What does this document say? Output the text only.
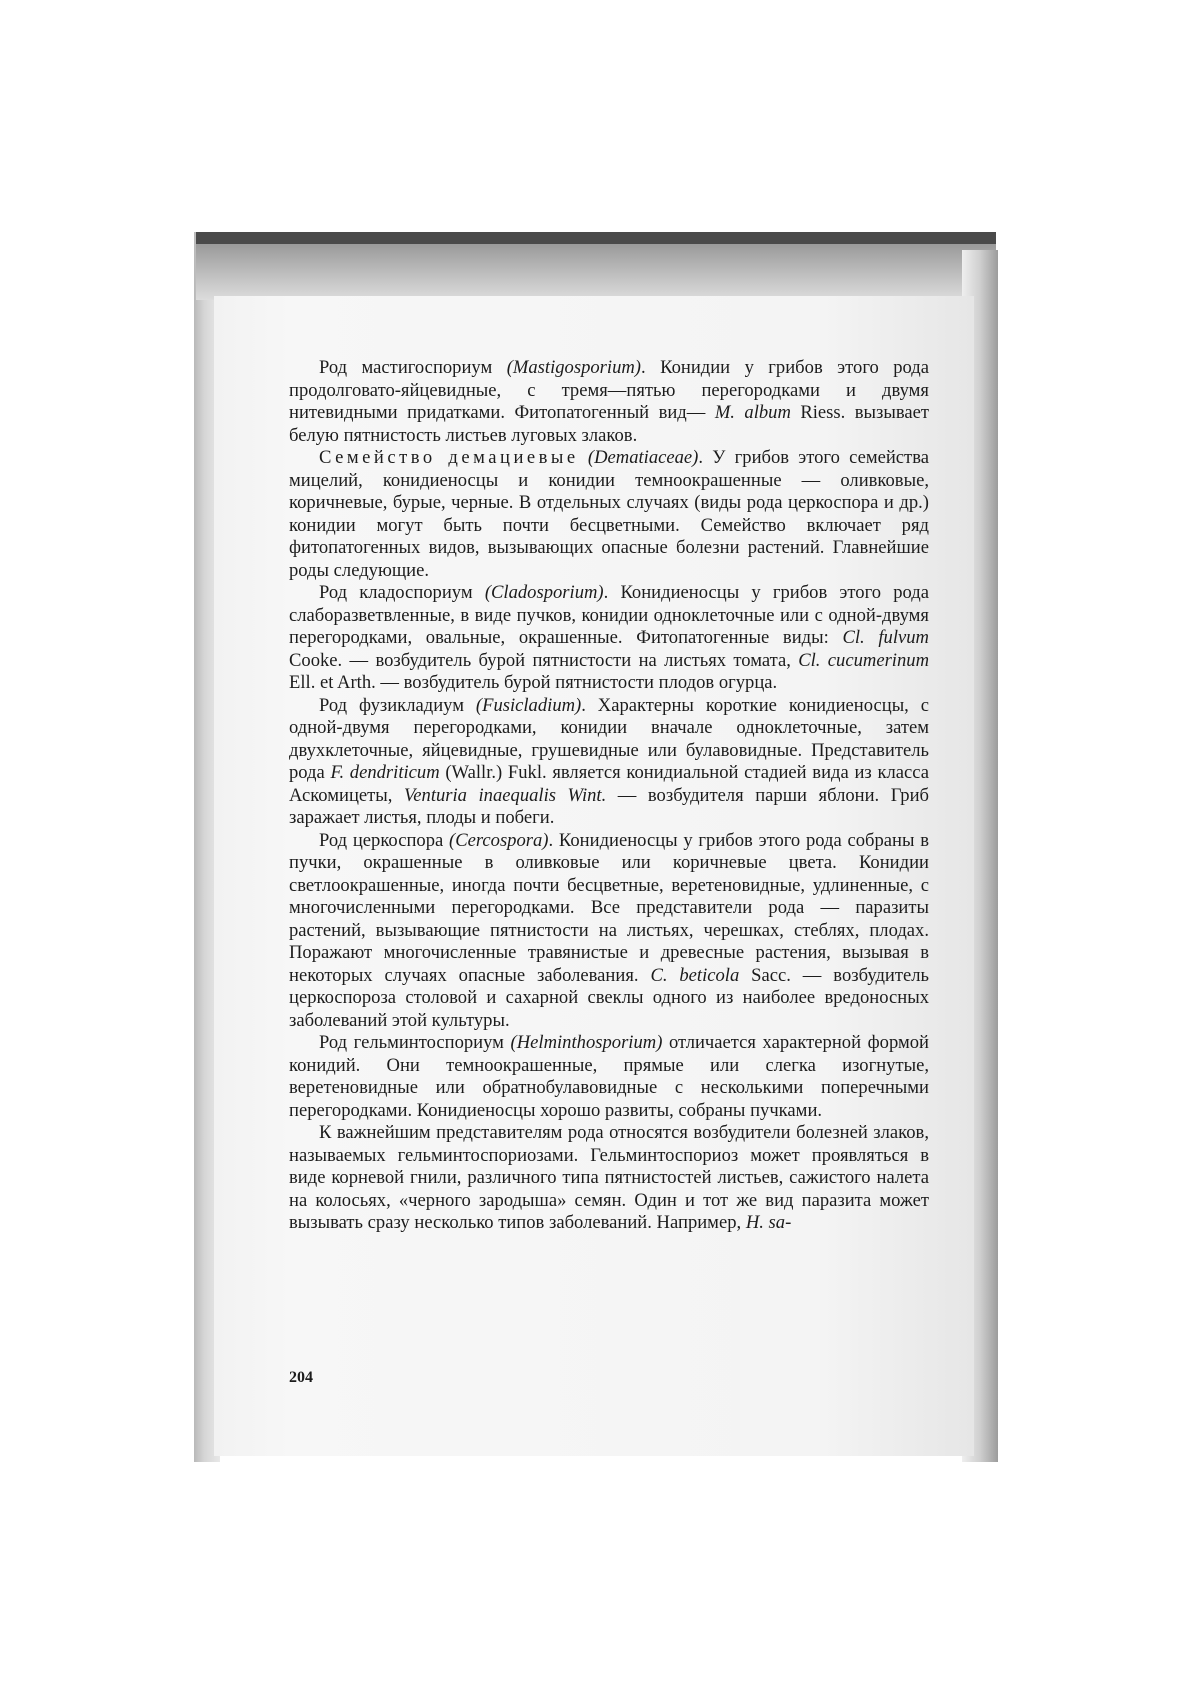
Род мастигоспориум (Mastigosporium). Конидии у грибов этого рода продолговато-яйцевидные, с тремя—пятью перегородками и двумя нитевидными придатками. Фитопатогенный вид— M. album Riess. вызывает белую пятнистость листьев луговых злаков.

Семейство демациевые (Dematiaceae). У грибов этого семейства мицелий, конидиеносцы и конидии темноокрашенные — оливковые, коричневые, бурые, черные. В отдельных случаях (виды рода церкоспора и др.) конидии могут быть почти бесцветными. Семейство включает ряд фитопатогенных видов, вызывающих опасные болезни растений. Главнейшие роды следующие.

Род кладоспориум (Cladosporium). Конидиеносцы у грибов этого рода слаборазветвленные, в виде пучков, конидии одноклеточные или с одной-двумя перегородками, овальные, окрашенные. Фитопатогенные виды: Cl. fulvum Cooke. — возбудитель бурой пятнистости на листьях томата, Cl. cucumerinum Ell. et Arth. — возбудитель бурой пятнистости плодов огурца.

Род фузикладиум (Fusicladium). Характерны короткие конидиеносцы, с одной-двумя перегородками, конидии вначале одноклеточные, затем двухклеточные, яйцевидные, грушевидные или булавовидные. Представитель рода F. dendriticum (Wallr.) Fukl. является конидиальной стадией вида из класса Аскомицеты, Venturia inaequalis Wint. — возбудителя парши яблони. Гриб заражает листья, плоды и побеги.

Род церкоспора (Cercospora). Конидиеносцы у грибов этого рода собраны в пучки, окрашенные в оливковые или коричневые цвета. Конидии светлоокрашенные, иногда почти бесцветные, веретеновидные, удлиненные, с многочисленными перегородками. Все представители рода — паразиты растений, вызывающие пятнистости на листьях, черешках, стеблях, плодах. Поражают многочисленные травянистые и древесные растения, вызывая в некоторых случаях опасные заболевания. C. beticola Sacc. — возбудитель церкоспороза столовой и сахарной свеклы одного из наиболее вредоносных заболеваний этой культуры.

Род гельминтоспориум (Helminthosporium) отличается характерной формой конидий. Они темноокрашенные, прямые или слегка изогнутые, веретеновидные или обратнобулавовидные с несколькими поперечными перегородками. Конидиеносцы хорошо развиты, собраны пучками.

К важнейшим представителям рода относятся возбудители болезней злаков, называемых гельминтоспориозами. Гельминтоспориоз может проявляться в виде корневой гнили, различного типа пятнистостей листьев, сажистого налета на колосьях, «черного зародыша» семян. Один и тот же вид паразита может вызывать сразу несколько типов заболеваний. Например, H. sa-

204
